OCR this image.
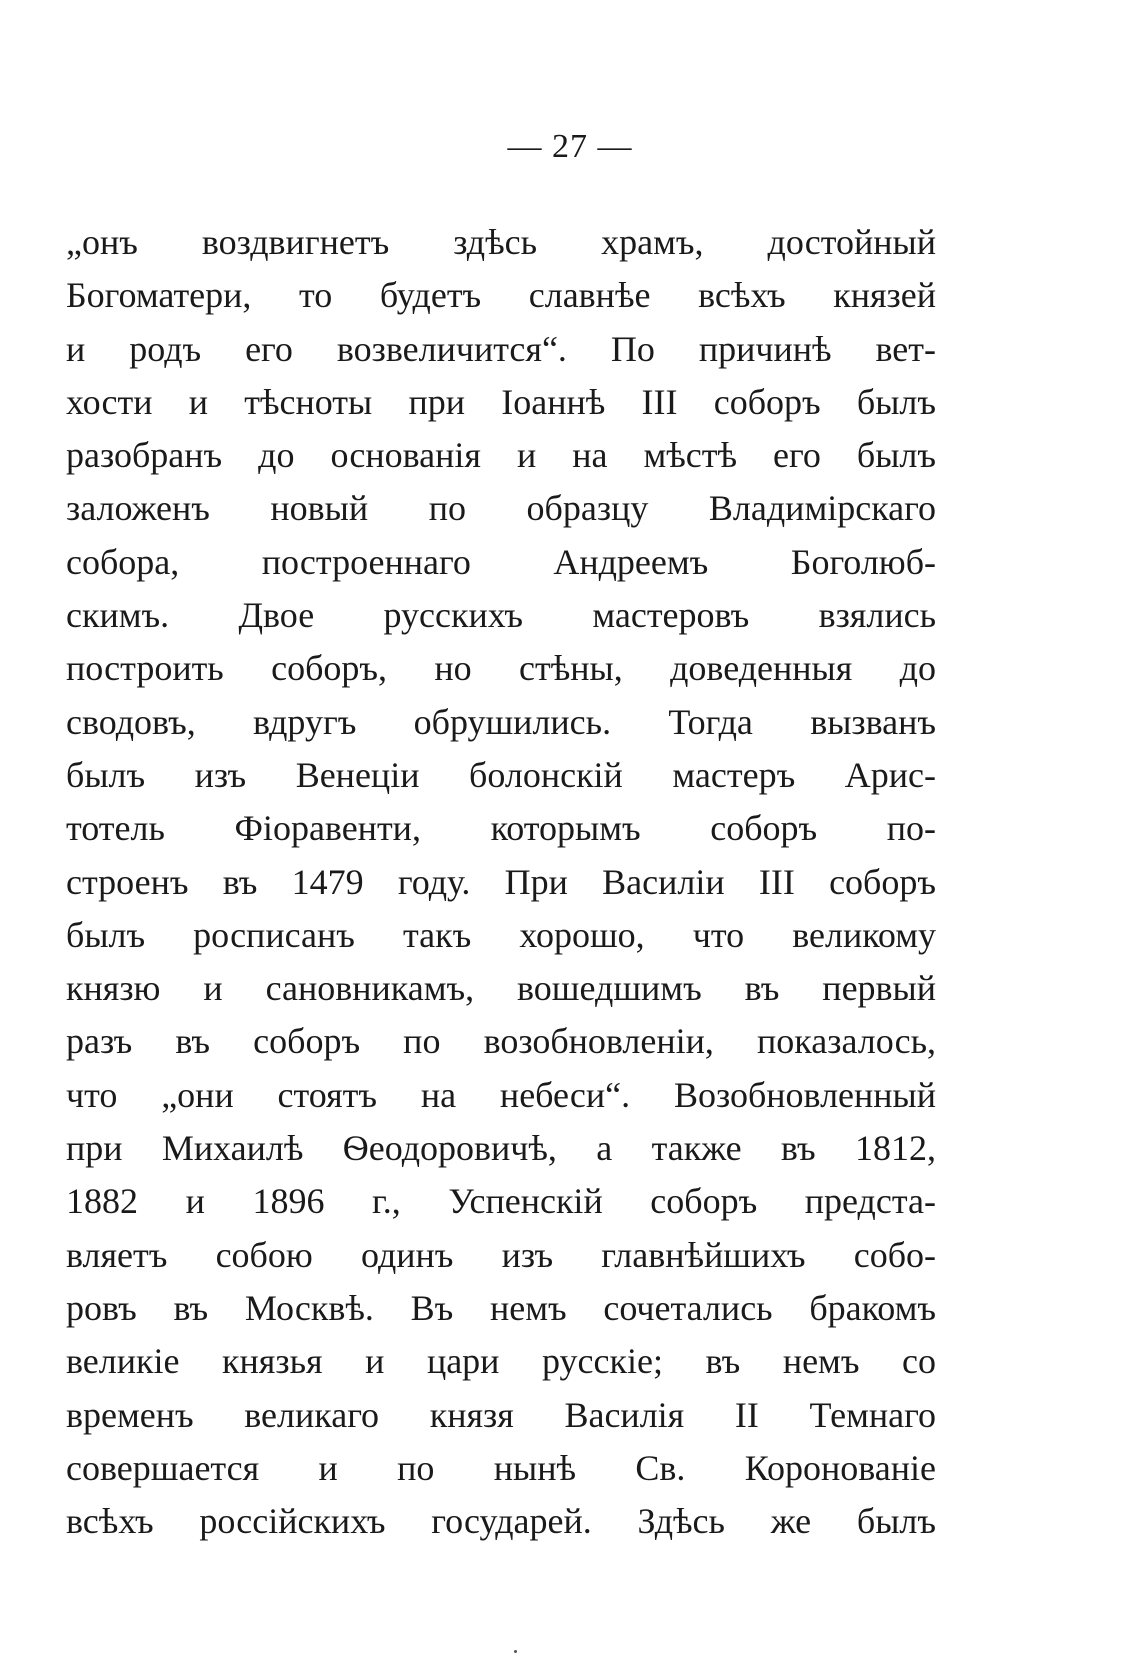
— 27 —
„онъ воздвигнетъ здѣсь храмъ, достойный
Богоматери, то будетъ славнѣе всѣхъ князей
и родъ его возвеличится“. По причинѣ вет-
хости и тѣсноты при Іоаннѣ III соборъ былъ
разобранъ до основанія и на мѣстѣ его былъ
заложенъ новый по образцу Владимірскаго
собора, построеннаго Андреемъ Боголюб-
скимъ. Двое русскихъ мастеровъ взялись
построить соборъ, но стѣны, доведенныя до
сводовъ, вдругъ обрушились. Тогда вызванъ
былъ изъ Венеціи болонскій мастеръ Арис-
тотель Фіоравенти, которымъ соборъ по-
строенъ въ 1479 году. При Василіи III соборъ
былъ росписанъ такъ хорошо, что великому
князю и сановникамъ, вошедшимъ въ первый
разъ въ соборъ по возобновленіи, показалось,
что „они стоятъ на небеси“. Возобновленный
при Михаилѣ Ѳеодоровичѣ, а также въ 1812,
1882 и 1896 г., Успенскій соборъ предста-
вляетъ собою одинъ изъ главнѣйшихъ собо-
ровъ въ Москвѣ. Въ немъ сочетались бракомъ
великіе князья и цари русскіе; въ немъ со
временъ великаго князя Василія II Темнаго
совершается и по нынѣ Св. Коронованіе
всѣхъ россійскихъ государей. Здѣсь же былъ
